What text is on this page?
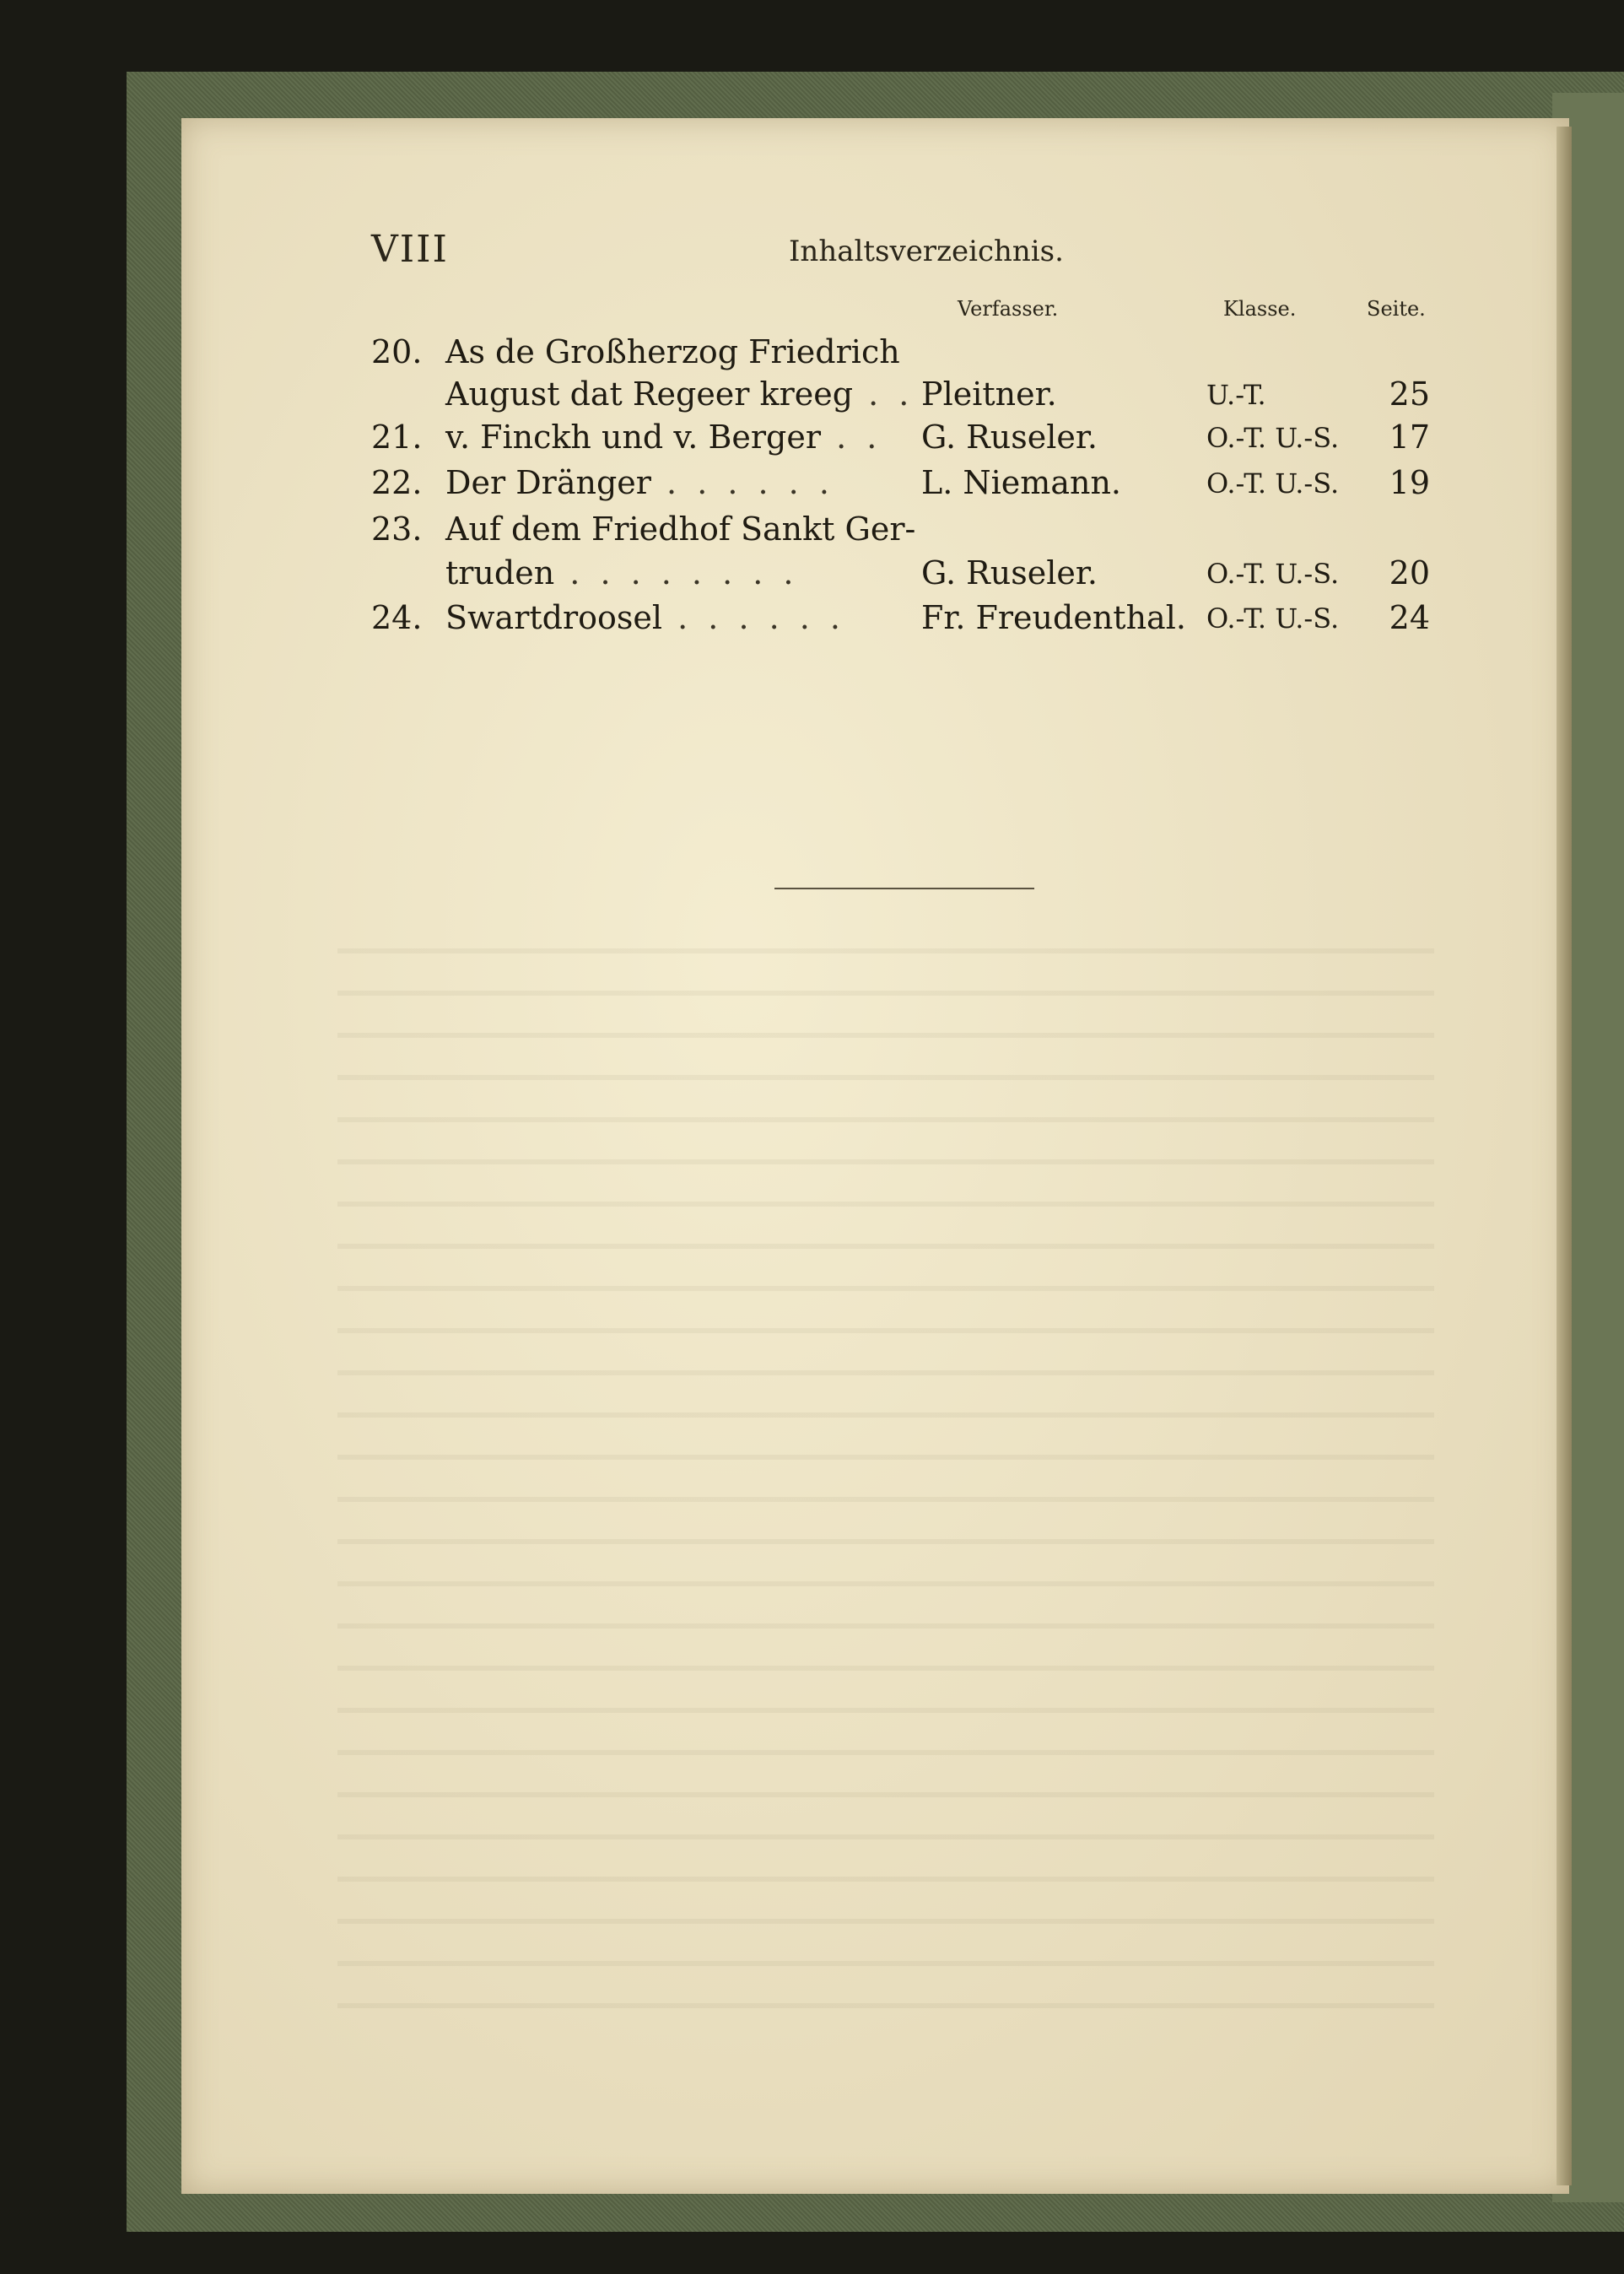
VIII	Inhaltsverzeichnis.
Verfasser.	Klasse.	Seite.
20. As de Großherzog Friedrich
August dat Regeer kreeg . . Pleitner.	U.-T.	25
21. v. Finckh und v. Berger . . G. Ruseler.	O.-T. U.-S. 17
22. Der Dränger . . . . . .	L. Niemann.	O.-T. U.-S. 19
23. Auf dem Friedhof Sankt Ger-
truden . . . . . . . .	G. Ruseler.	O.-T. U.-S. 20
24. Swartdroosel . . . . . . Fr. Freudenthal. O.-T. U.-S. 24
